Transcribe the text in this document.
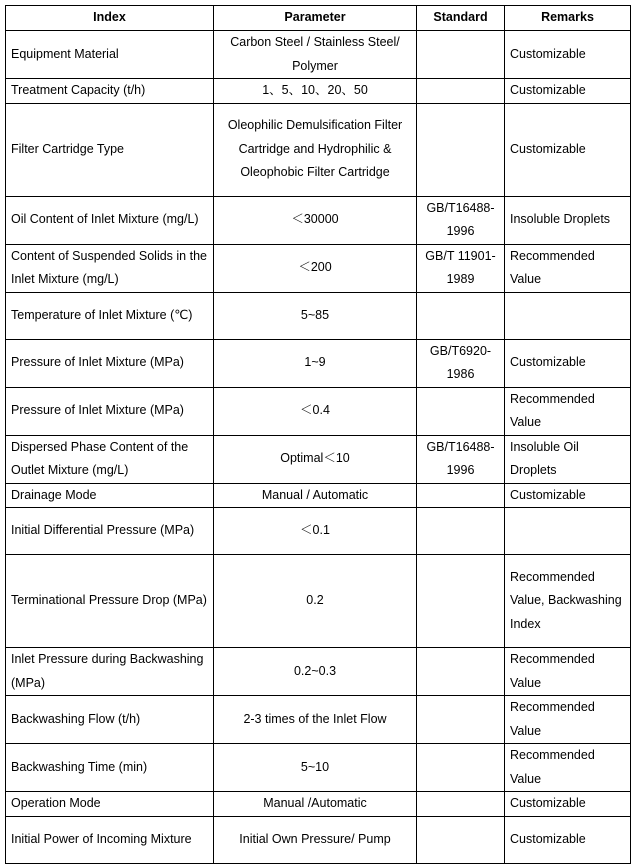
Index	Parameter	Standard	Remarks
Equipment Material	Carbon Steel / Stainless Steel/ Polymer		Customizable
Treatment Capacity (t/h)	1、5、10、20、50		Customizable
Filter Cartridge Type	Oleophilic Demulsification Filter Cartridge and Hydrophilic & Oleophobic Filter Cartridge		Customizable
Oil Content of Inlet Mixture (mg/L)	＜30000	GB/T16488-1996	Insoluble Droplets
Content of Suspended Solids in the Inlet Mixture (mg/L)	＜200	GB/T 11901-1989	Recommended Value
Temperature of Inlet Mixture (℃)	5~85		
Pressure of Inlet Mixture (MPa)	1~9	GB/T6920-1986	Customizable
Pressure of Inlet Mixture (MPa)	＜0.4		Recommended Value
Dispersed Phase Content of the Outlet Mixture (mg/L)	Optimal＜10	GB/T16488-1996	Insoluble Oil Droplets
Drainage Mode	Manual / Automatic		Customizable
Initial Differential Pressure (MPa)	＜0.1		
Terminational Pressure Drop (MPa)	0.2		Recommended Value, Backwashing Index
Inlet Pressure during Backwashing (MPa)	0.2~0.3		Recommended Value
Backwashing Flow (t/h)	2-3 times of the Inlet Flow		Recommended Value
Backwashing Time (min)	5~10		Recommended Value
Operation Mode	Manual /Automatic		Customizable
Initial Power of Incoming Mixture	Initial Own Pressure/ Pump		Customizable
